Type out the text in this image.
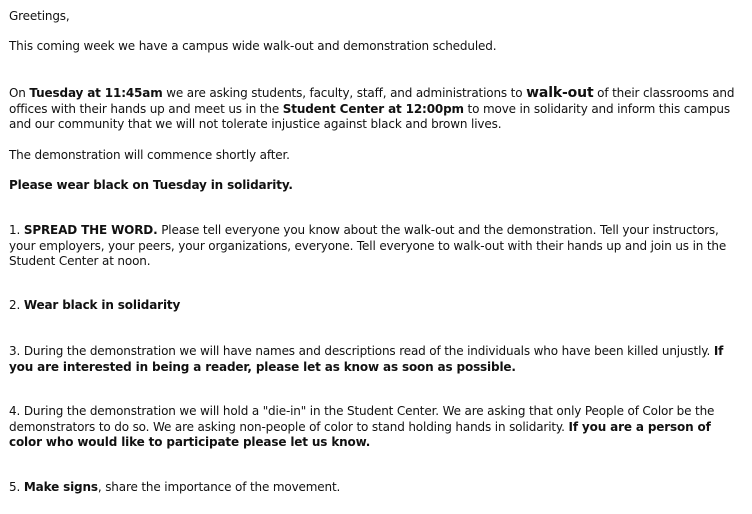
Greetings,

This coming week we have a campus wide walk-out and demonstration scheduled.

On Tuesday at 11:45am we are asking students, faculty, staff, and administrations to walk-out of their classrooms and offices with their hands up and meet us in the Student Center at 12:00pm to move in solidarity and inform this campus and our community that we will not tolerate injustice against black and brown lives.

The demonstration will commence shortly after.

Please wear black on Tuesday in solidarity.

1. SPREAD THE WORD. Please tell everyone you know about the walk-out and the demonstration. Tell your instructors, your employers, your peers, your organizations, everyone. Tell everyone to walk-out with their hands up and join us in the Student Center at noon.

2. Wear black in solidarity

3. During the demonstration we will have names and descriptions read of the individuals who have been killed unjustly. If you are interested in being a reader, please let as know as soon as possible.

4. During the demonstration we will hold a "die-in" in the Student Center. We are asking that only People of Color be the demonstrators to do so. We are asking non-people of color to stand holding hands in solidarity. If you are a person of color who would like to participate please let us know.

5. Make signs, share the importance of the movement.
